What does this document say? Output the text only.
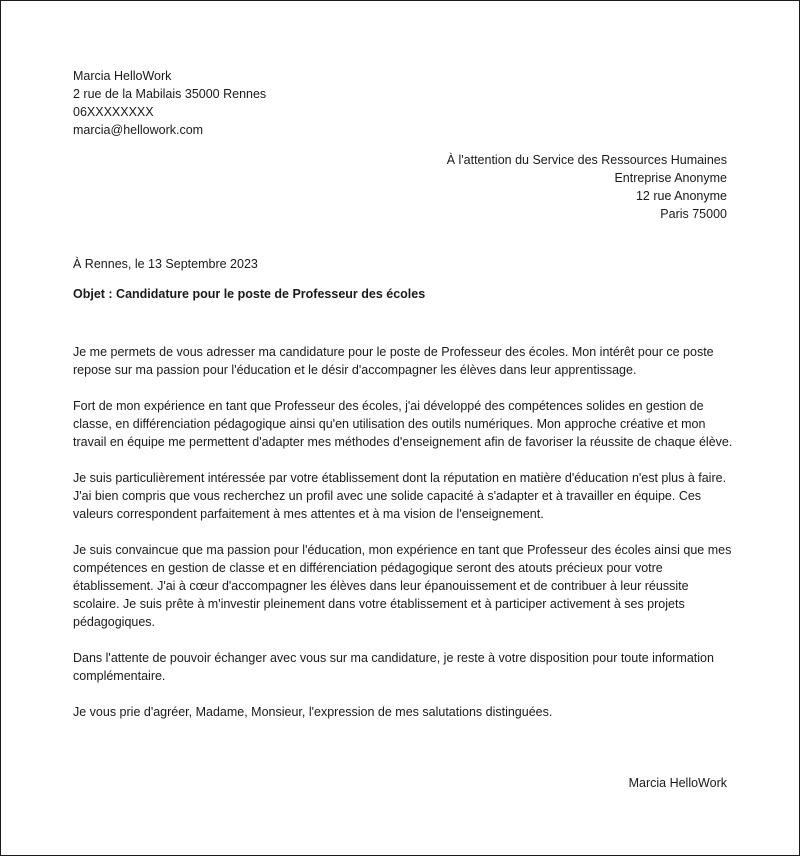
Marcia HelloWork
2 rue de la Mabilais 35000 Rennes
06XXXXXXXX
marcia@hellowork.com
À l'attention du Service des Ressources Humaines
Entreprise Anonyme
12 rue Anonyme
Paris 75000
À Rennes, le 13 Septembre 2023
Objet : Candidature pour le poste de Professeur des écoles

Je me permets de vous adresser ma candidature pour le poste de Professeur des écoles. Mon intérêt pour ce poste repose sur ma passion pour l'éducation et le désir d'accompagner les élèves dans leur apprentissage.

Fort de mon expérience en tant que Professeur des écoles, j'ai développé des compétences solides en gestion de classe, en différenciation pédagogique ainsi qu'en utilisation des outils numériques. Mon approche créative et mon travail en équipe me permettent d'adapter mes méthodes d'enseignement afin de favoriser la réussite de chaque élève.

Je suis particulièrement intéressée par votre établissement dont la réputation en matière d'éducation n'est plus à faire. J'ai bien compris que vous recherchez un profil avec une solide capacité à s'adapter et à travailler en équipe. Ces valeurs correspondent parfaitement à mes attentes et à ma vision de l'enseignement.

Je suis convaincue que ma passion pour l'éducation, mon expérience en tant que Professeur des écoles ainsi que mes compétences en gestion de classe et en différenciation pédagogique seront des atouts précieux pour votre établissement. J'ai à cœur d'accompagner les élèves dans leur épanouissement et de contribuer à leur réussite scolaire. Je suis prête à m'investir pleinement dans votre établissement et à participer activement à ses projets pédagogiques.

Dans l'attente de pouvoir échanger avec vous sur ma candidature, je reste à votre disposition pour toute information complémentaire.

Je vous prie d'agréer, Madame, Monsieur, l'expression de mes salutations distinguées.

Marcia HelloWork
